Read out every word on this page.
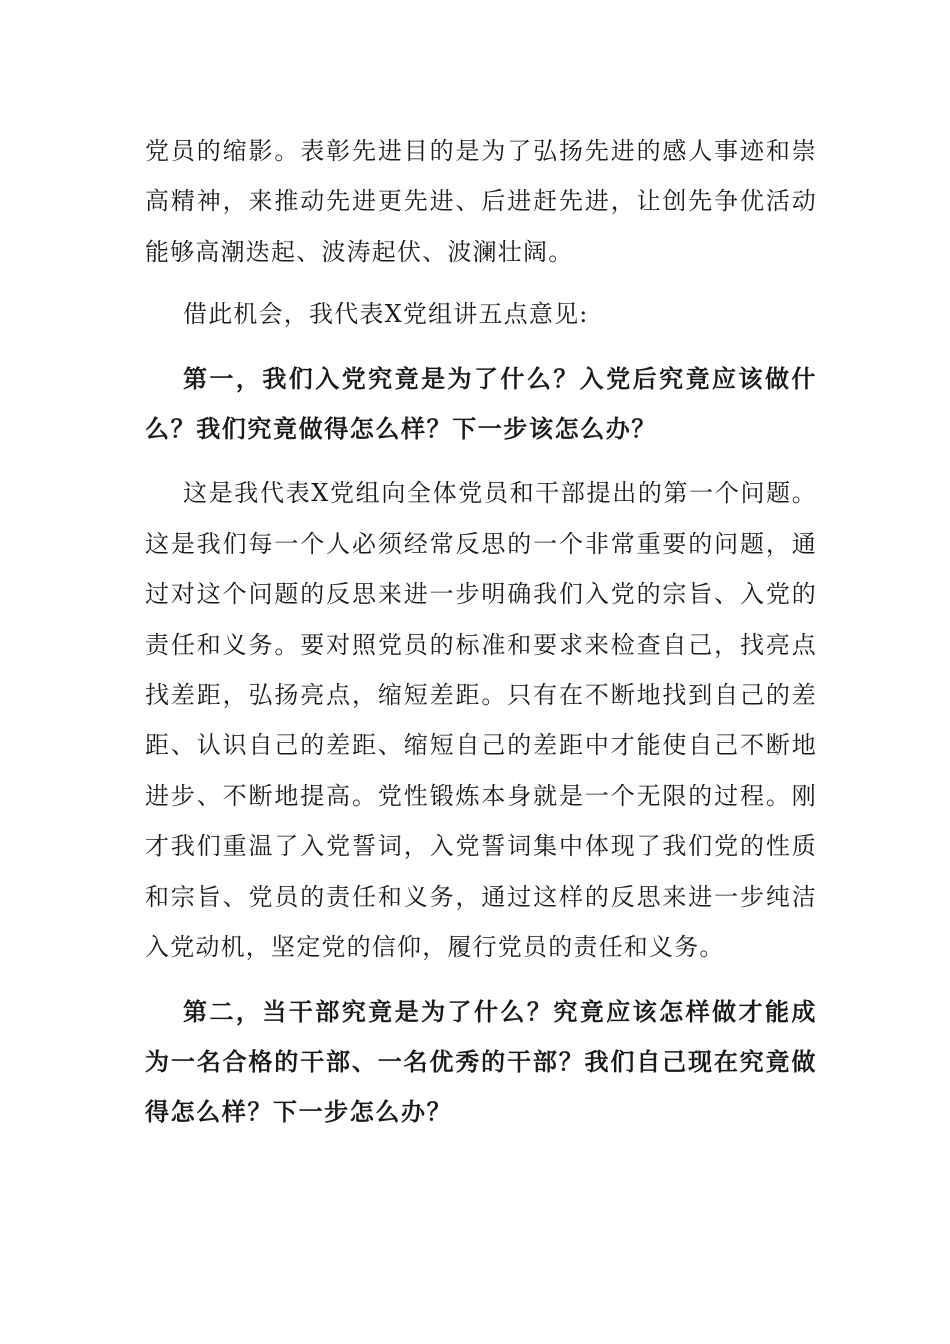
党员的缩影。表彰先进目的是为了弘扬先进的感人事迹和崇高精神，来推动先进更先进、后进赶先进，让创先争优活动能够高潮迭起、波涛起伏、波澜壮阔。

借此机会，我代表X党组讲五点意见:

第一，我们入党究竟是为了什么？入党后究竟应该做什么？我们究竟做得怎么样？下一步该怎么办？

这是我代表X党组向全体党员和干部提出的第一个问题。这是我们每一个人必须经常反思的一个非常重要的问题，通过对这个问题的反思来进一步明确我们入党的宗旨、入党的责任和义务。要对照党员的标准和要求来检查自己，找亮点找差距，弘扬亮点，缩短差距。只有在不断地找到自己的差距、认识自己的差距、缩短自己的差距中才能使自己不断地进步、不断地提高。党性锻炼本身就是一个无限的过程。刚才我们重温了入党誓词，入党誓词集中体现了我们党的性质和宗旨、党员的责任和义务，通过这样的反思来进一步纯洁入党动机，坚定党的信仰，履行党员的责任和义务。

第二，当干部究竟是为了什么？究竟应该怎样做才能成为一名合格的干部、一名优秀的干部？我们自己现在究竟做得怎么样？下一步怎么办？
